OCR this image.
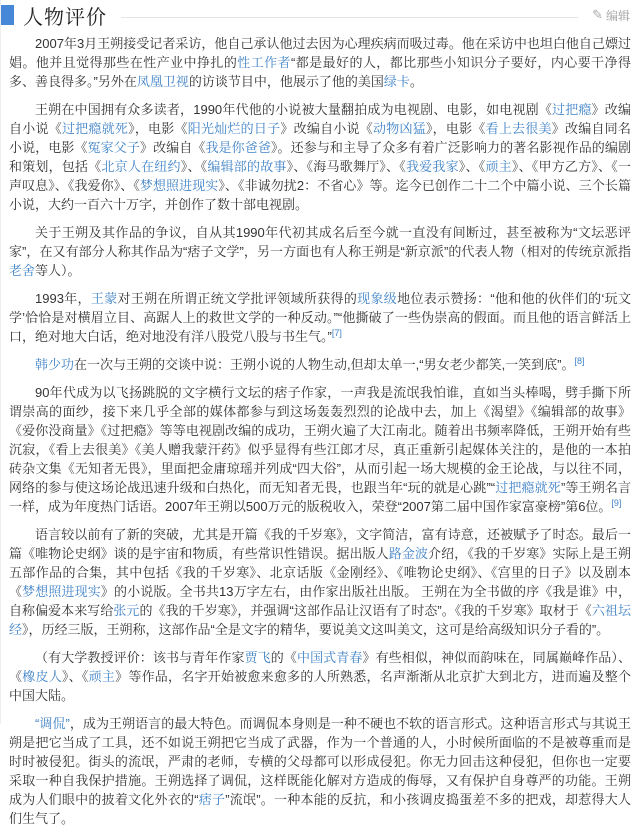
人物评价	✎ 编辑

2007年3月王朔接受记者采访，他自己承认他过去因为心理疾病而吸过毒。他在采访中也坦白他自己嫖过娼。他并且觉得那些在性产业中挣扎的性工作者“都是最好的人，都比那些小知识分子要好，内心要干净得多、善良得多。”另外在凤凰卫视的访谈节目中，他展示了他的美国绿卡。

王朔在中国拥有众多读者，1990年代他的小说被大量翻拍成为电视剧、电影，如电视剧《过把瘾》改编自小说《过把瘾就死》，电影《阳光灿烂的日子》改编自小说《动物凶猛》，电影《看上去很美》改编自同名小说，电影《冤家父子》改编自《我是你爸爸》。还参与和主导了众多有着广泛影响力的著名影视作品的编剧和策划，包括《北京人在纽约》、《编辑部的故事》、《海马歌舞厅》、《我爱我家》、《顽主》、《甲方乙方》、《一声叹息》、《我爱你》、《梦想照进现实》、《非诚勿扰2：不省心》等。迄今已创作二十二个中篇小说、三个长篇小说，大约一百六十万字，并创作了数十部电视剧。

关于王朔及其作品的争议，自从其1990年代初其成名后至今就一直没有间断过，甚至被称为“文坛恶评家”，在又有部分人称其作品为“痞子文学”，另一方面也有人称王朔是“新京派”的代表人物（相对的传统京派指老舍等人）。

1993年，王蒙对王朔在所谓正统文学批评领域所获得的现象级地位表示赞扬：“他和他的伙伴们的‘玩文学’恰恰是对横眉立目、高踞人上的救世文学的一种反动。”“他撕破了一些伪崇高的假面。而且他的语言鲜活上口，绝对地大白话，绝对地没有洋八股党八股与书生气。”[7]

韩少功在一次与王朔的交谈中说：王朔小说的人物生动,但却太单一,“男女老少都笑,一笑到底”。[8]

90年代成为以飞扬跳脱的文字横行文坛的痞子作家，一声我是流氓我怕谁，直如当头棒喝，劈手撕下所谓崇高的面纱，接下来几乎全部的媒体都参与到这场轰轰烈烈的论战中去，加上《渴望》《编辑部的故事》《爱你没商量》《过把瘾》等等电视剧改编的成功，王朔火遍了大江南北。随着出书频率降低，王朔开始有些沉寂，《看上去很美》《美人赠我蒙汗药》似乎显得有些江郎才尽，真正重新引起媒体关注的，是他的一本拍砖杂文集《无知者无畏》，里面把金庸琼瑶并列成“四大俗”，从而引起一场大规模的金王论战，与以往不同，网络的参与使这场论战迅速升级和白热化，而无知者无畏，也跟当年“玩的就是心跳”“过把瘾就死”等王朔名言一样，成为年度热门话语。2007年王朔以500万元的版税收入，荣登“2007第二届中国作家富豪榜”第6位。[9]

语言较以前有了新的突破，尤其是开篇《我的千岁寒》，文字简洁，富有诗意，还被赋予了时态。最后一篇《唯物论史纲》谈的是宇宙和物质，有些常识性错误。据出版人路金波介绍，《我的千岁寒》实际上是王朔五部作品的合集，其中包括《我的千岁寒》、北京话版《金刚经》、《唯物论史纲》、《宫里的日子》以及剧本《梦想照进现实》的小说版。全书共13万字左右，由作家出版社出版。 王朔在为全书做的序《我是谁》中，自称偏爱本来写给张元的《我的千岁寒》，并强调“这部作品让汉语有了时态”。《我的千岁寒》取材于《六祖坛经》，历经三版，王朔称，这部作品“全是文字的精华，要说美文这叫美文，这可是给高级知识分子看的”。

（有大学教授评价：该书与青年作家贾飞的《中国式青春》有些相似，神似而韵味在，同属巅峰作品）、《橡皮人》、《顽主》等作品，名字开始被愈来愈多的人所熟悉，名声渐渐从北京扩大到北方，进而遍及整个中国大陆。

“调侃”，成为王朔语言的最大特色。而调侃本身则是一种不硬也不软的语言形式。这种语言形式与其说王朔是把它当成了工具，还不如说王朔把它当成了武器，作为一个普通的人，小时候所面临的不是被尊重而是时时被侵犯。街头的流氓，严肃的老师，专横的父母都可以形成侵犯。你无力回击这种侵犯，但你也一定要采取一种自我保护措施。王朔选择了调侃，这样既能化解对方造成的侮辱，又有保护自身尊严的功能。王朔成为人们眼中的披着文化外衣的“痞子”流氓”。一种本能的反抗，和小孩调皮捣蛋差不多的把戏，却惹得大人们生气了。
